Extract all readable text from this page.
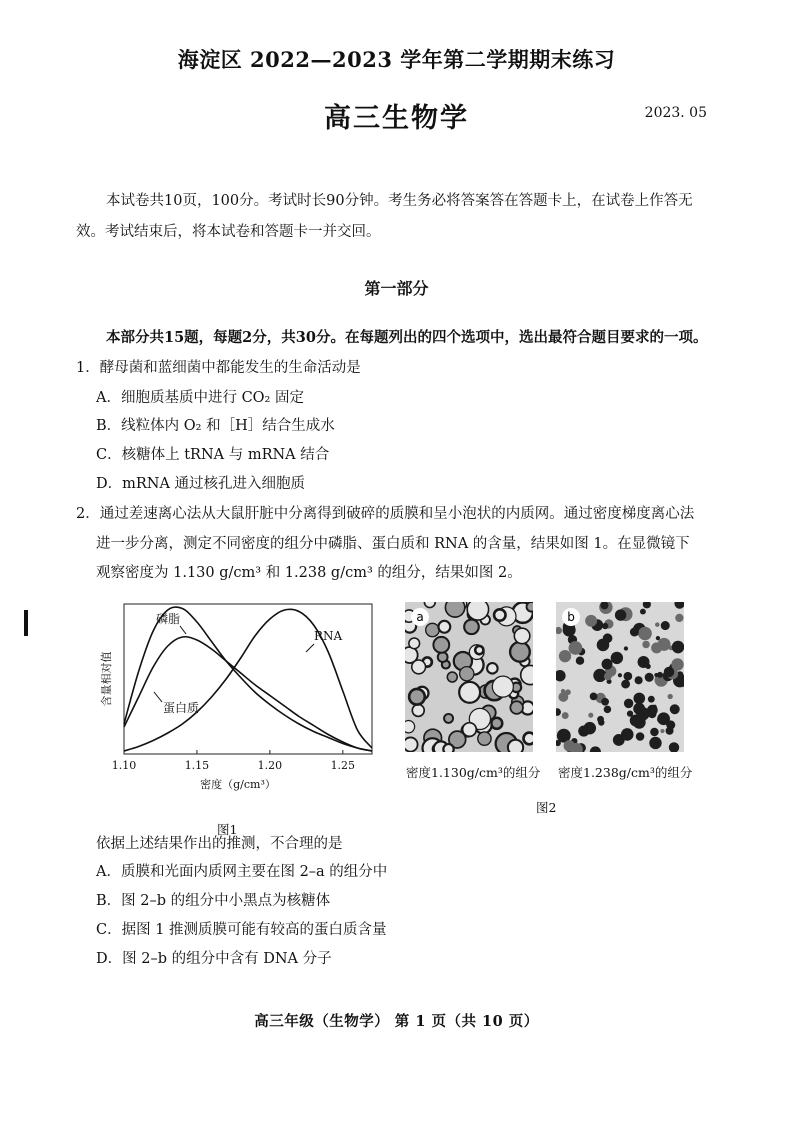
海淀区 2022—2023 学年第二学期期末练习
高三生物学	2023. 05
本试卷共10页，100分。考试时长90分钟。考生务必将答案答在答题卡上，在试卷上作答无效。考试结束后，将本试卷和答题卡一并交回。
第一部分
本部分共15题，每题2分，共30分。在每题列出的四个选项中，选出最符合题目要求的一项。
1．酵母菌和蓝细菌中都能发生的生命活动是
A．细胞质基质中进行 CO₂ 固定
B．线粒体内 O₂ 和［H］结合生成水
C．核糖体上 tRNA 与 mRNA 结合
D．mRNA 通过核孔进入细胞质
2．通过差速离心法从大鼠肝脏中分离得到破碎的质膜和呈小泡状的内质网。通过密度梯度离心法
进一步分离，测定不同密度的组分中磷脂、蛋白质和 RNA 的含量，结果如图 1。在显微镜下
观察密度为 1.130 g/cm³ 和 1.238 g/cm³ 的组分，结果如图 2。
1.10	1.15	1.20	1.25
密度（g/cm³）
含量相对值
磷脂
RNA
蛋白质
图1
a	b
密度1.130g/cm³的组分 密度1.238g/cm³的组分
图2
依据上述结果作出的推测，不合理的是
A．质膜和光面内质网主要在图 2–a 的组分中
B．图 2–b 的组分中小黑点为核糖体
C．据图 1 推测质膜可能有较高的蛋白质含量
D．图 2–b 的组分中含有 DNA 分子
高三年级（生物学） 第 1 页（共 10 页）
